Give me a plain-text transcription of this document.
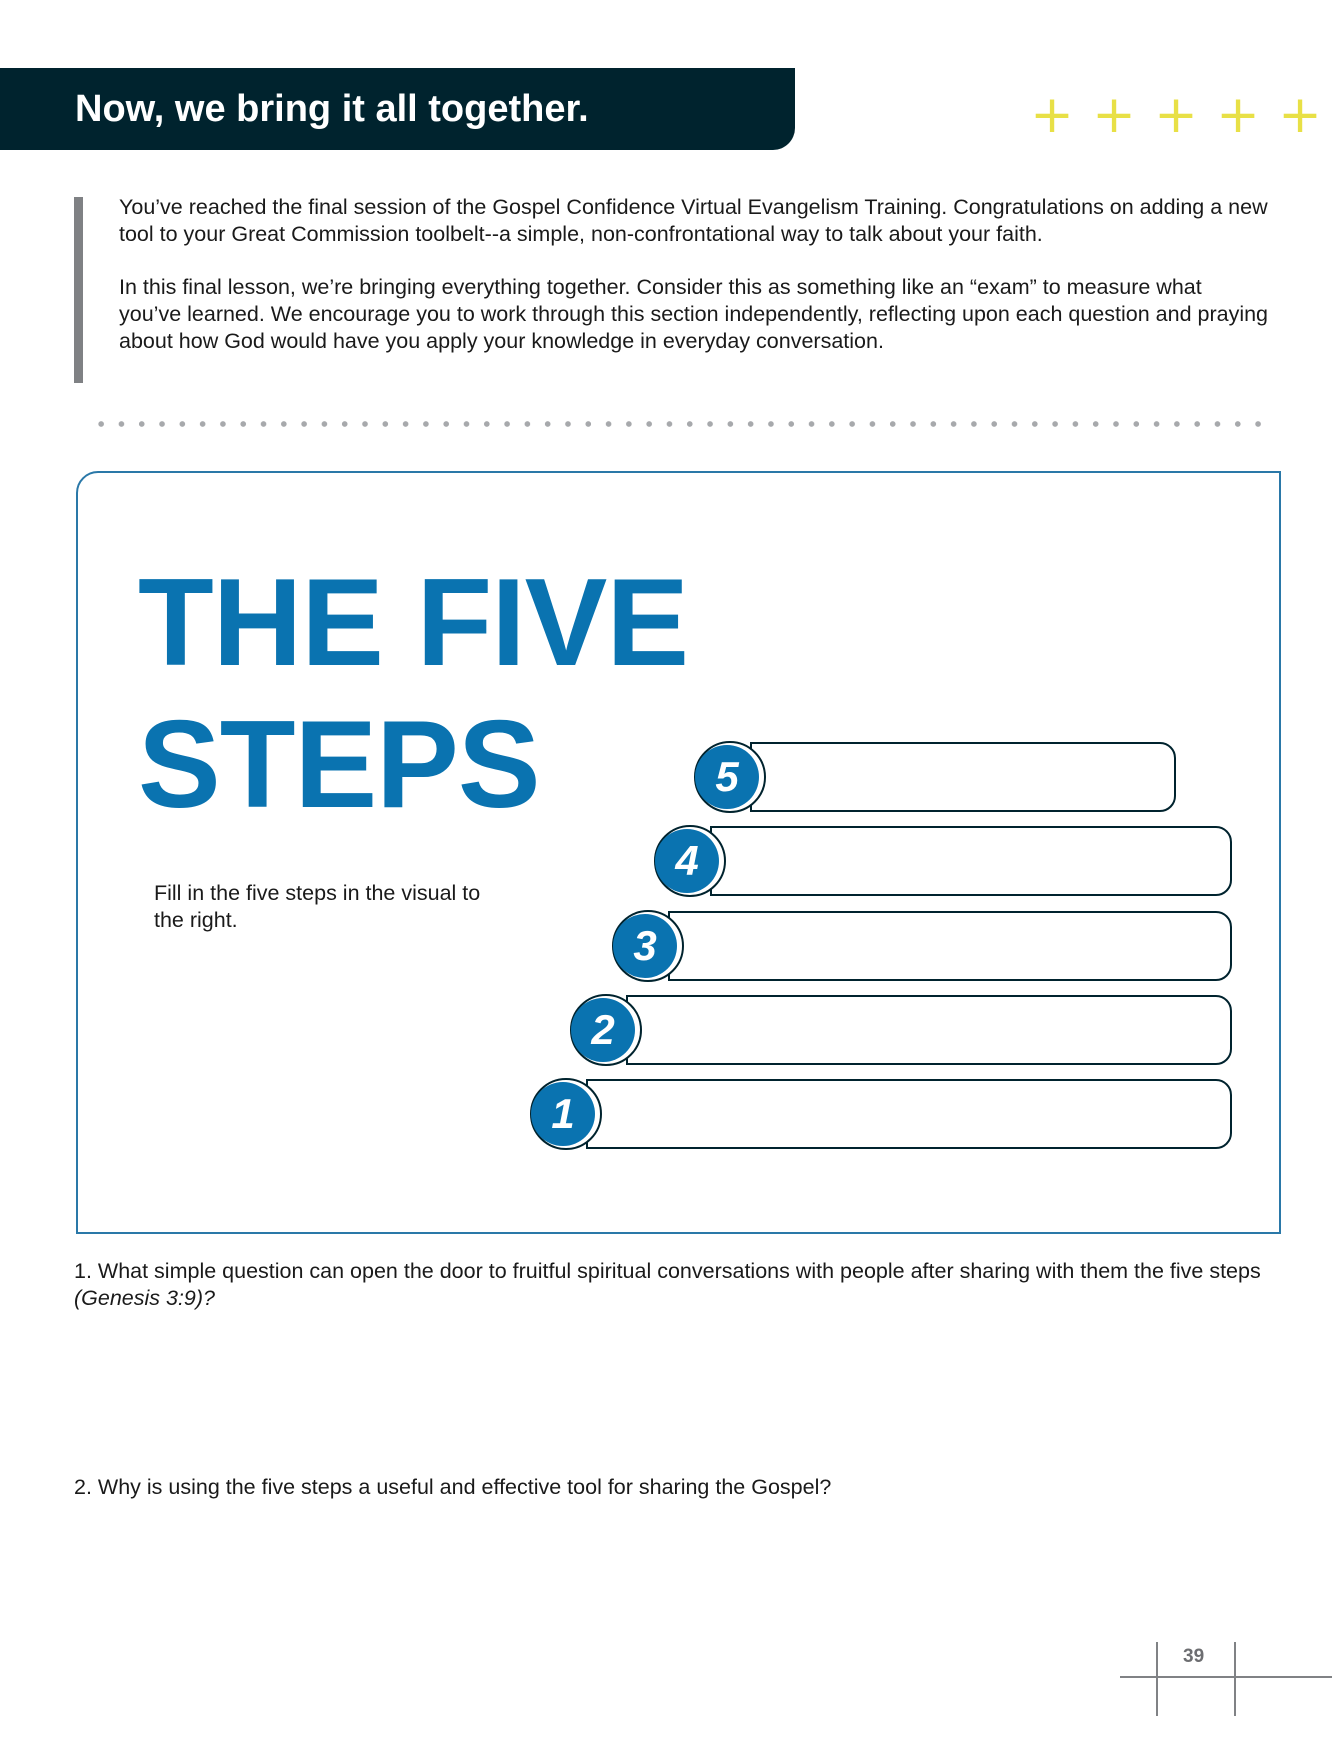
Now, we bring it all together.	+ + + + +

You’ve reached the final session of the Gospel Confidence Virtual Evangelism Training. Congratulations on adding a new tool to your Great Commission toolbelt--a simple, non-confrontational way to talk about your faith.

In this final lesson, we’re bringing everything together. Consider this as something like an “exam” to measure what you’ve learned. We encourage you to work through this section independently, reflecting upon each question and praying about how God would have you apply your knowledge in everyday conversation.

THE FIVE
STEPS
Fill in the five steps in the visual to the right.
5
4
3
2
1
1. What simple question can open the door to fruitful spiritual conversations with people after sharing with them the five steps (Genesis 3:9)?
2. Why is using the five steps a useful and effective tool for sharing the Gospel?
39
